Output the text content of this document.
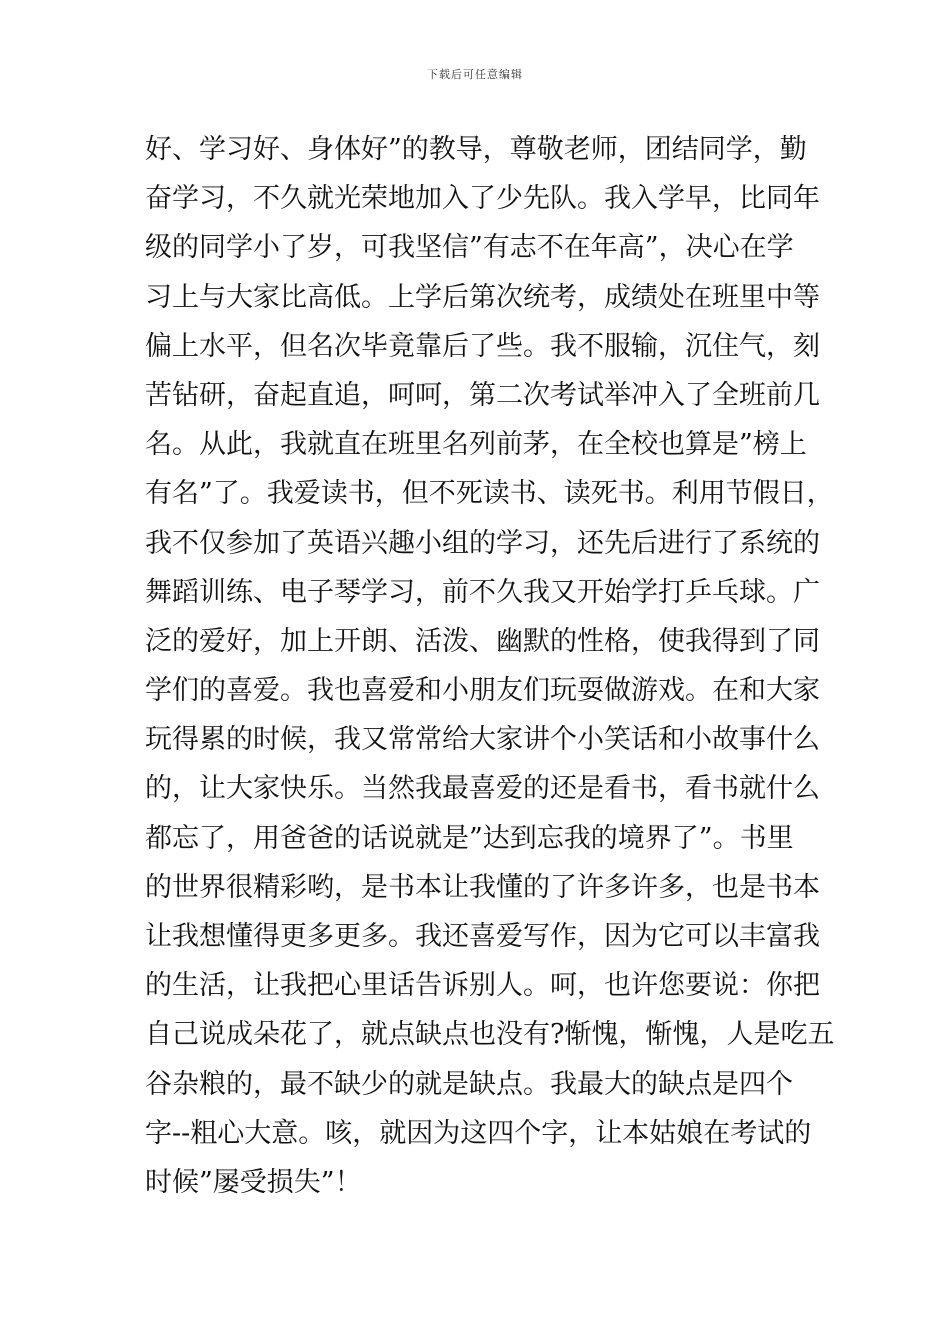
下载后可任意编辑
好、学习好、身体好”的教导，尊敬老师，团结同学，勤
奋学习，不久就光荣地加入了少先队。我入学早，比同年
级的同学小了岁，可我坚信”有志不在年高”，决心在学
习上与大家比高低。上学后第次统考，成绩处在班里中等
偏上水平，但名次毕竟靠后了些。我不服输，沉住气，刻
苦钻研，奋起直追，呵呵，第二次考试举冲入了全班前几
名。从此，我就直在班里名列前茅，在全校也算是”榜上
有名”了。我爱读书，但不死读书、读死书。利用节假日，
我不仅参加了英语兴趣小组的学习，还先后进行了系统的
舞蹈训练、电子琴学习，前不久我又开始学打乒乓球。广
泛的爱好，加上开朗、活泼、幽默的性格，使我得到了同
学们的喜爱。我也喜爱和小朋友们玩耍做游戏。在和大家
玩得累的时候，我又常常给大家讲个小笑话和小故事什么
的，让大家快乐。当然我最喜爱的还是看书，看书就什么
都忘了，用爸爸的话说就是”达到忘我的境界了”。书里
的世界很精彩哟，是书本让我懂的了许多许多，也是书本
让我想懂得更多更多。我还喜爱写作，因为它可以丰富我
的生活，让我把心里话告诉别人。呵，也许您要说：你把
自己说成朵花了，就点缺点也没有?惭愧，惭愧，人是吃五
谷杂粮的，最不缺少的就是缺点。我最大的缺点是四个
字--粗心大意。咳，就因为这四个字，让本姑娘在考试的
时候”屡受损失”！
